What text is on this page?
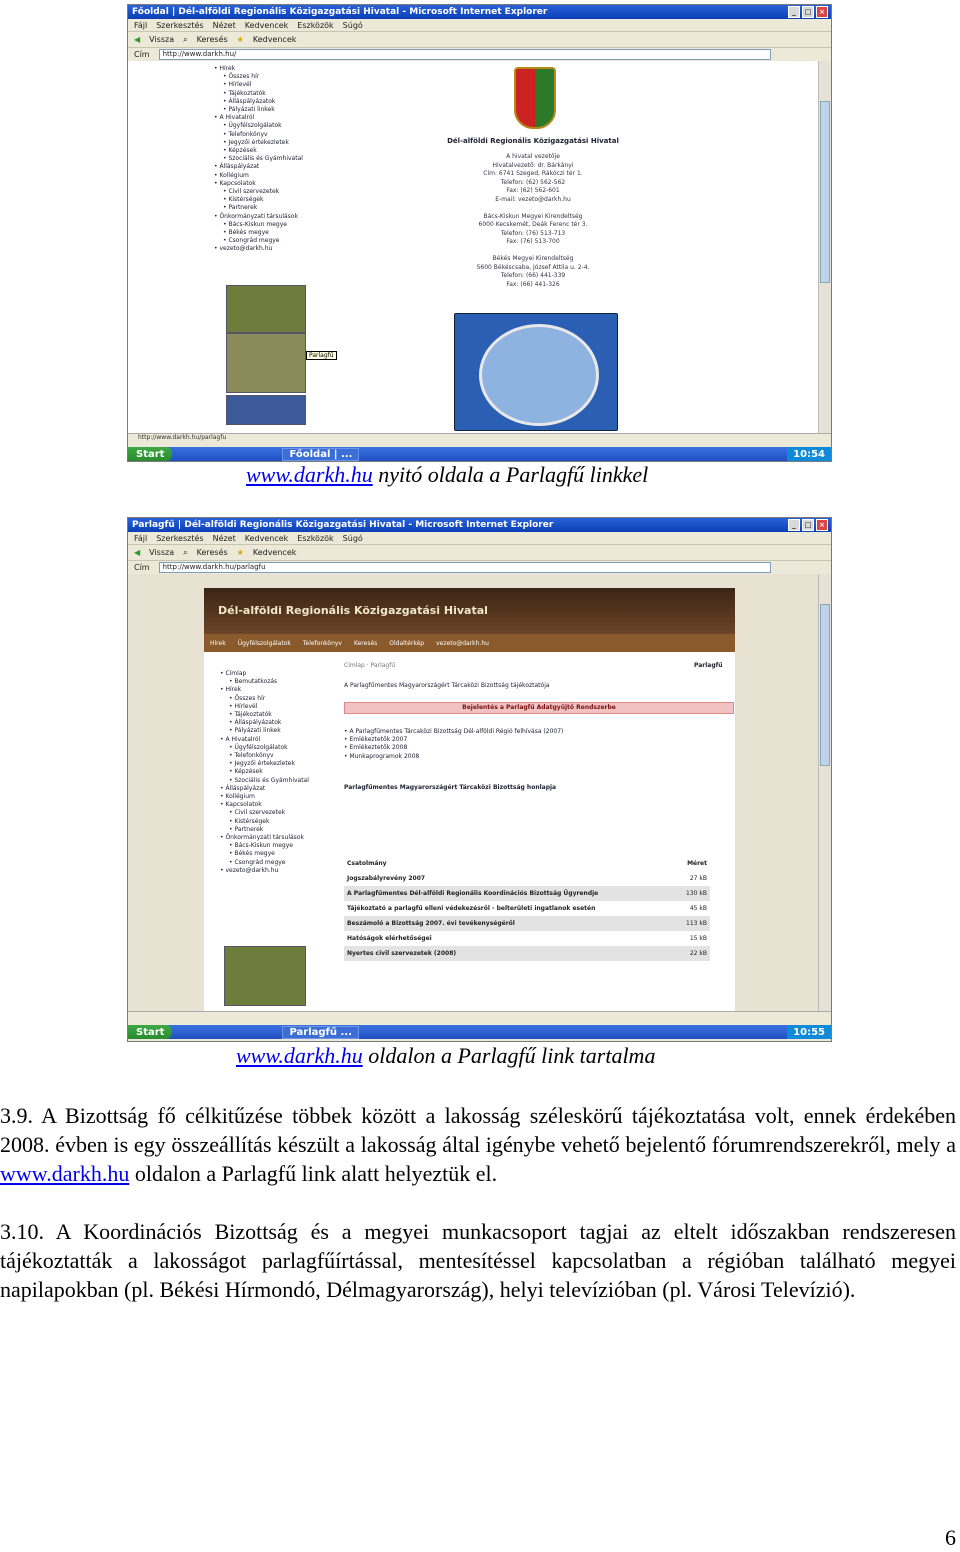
Főoldal | Dél-alföldi Regionális Közigazgatási Hivatal - Microsoft Internet Explorer	_	□	×
Fájl Szerkesztés Nézet Kedvencek Eszközök Súgó
◀ Vissza ⌕ Keresés ★ Kedvencek
Cím	http://www.darkh.hu/
• Hírek
• Összes hír
• Hírlevél
• Tájékoztatók
• Álláspályázatok
• Pályázati linkek
• A Hivatalról
• Ügyfélszolgálatok
• Telefonkönyv
• Jegyzői értekezletek
• Képzések
• Szociális és Gyámhivatal
• Álláspályázat
• Kollégium
• Kapcsolatok
• Civil szervezetek
• Kistérségek
• Partnerek
• Önkormányzati társulások
• Bács-Kiskun megye
• Békés megye
• Csongrád megye
• vezeto@darkh.hu
Parlagfű
Dél-alföldi Regionális Közigazgatási Hivatal
A hivatal vezetője
Hivatalvezető: dr. Bárkányi
Cím: 6741 Szeged, Rákóczi tér 1.
Telefon: (62) 562-562
Fax: (62) 562-601
E-mail: vezeto@darkh.hu

Bács-Kiskun Megyei Kirendeltség
6000 Kecskemét, Deák Ferenc tér 3.
Telefon: (76) 513-713
Fax: (76) 513-700

Békés Megyei Kirendeltség
5600 Békéscsaba, József Attila u. 2-4.
Telefon: (66) 441-339
Fax: (66) 441-326
http://www.darkh.hu/parlagfu
Start	Főoldal | ...	10:54
www.darkh.hu nyitó oldala a Parlagfű linkkel
Parlagfű | Dél-alföldi Regionális Közigazgatási Hivatal - Microsoft Internet Explorer	_	□	×
Fájl Szerkesztés Nézet Kedvencek Eszközök Súgó
◀ Vissza ⌕ Keresés ★ Kedvencek
Cím	http://www.darkh.hu/parlagfu
Dél-alföldi Regionális Közigazgatási Hivatal
Hírek Ügyfélszolgálatok Telefonkönyv Keresés Oldaltérkép vezeto@darkh.hu
• Címlap
• Bemutatkozás
• Hírek
• Összes hír
• Hírlevél
• Tájékoztatók
• Álláspályázatok
• Pályázati linkek
• A Hivatalról
• Ügyfélszolgálatok
• Telefonkönyv
• Jegyzői értekezletek
• Képzések
• Szociális és Gyámhivatal
• Álláspályázat
• Kollégium
• Kapcsolatok
• Civil szervezetek
• Kistérségek
• Partnerek
• Önkormányzati társulások
• Bács-Kiskun megye
• Békés megye
• Csongrád megye
• vezeto@darkh.hu
Címlap · Parlagfű	Parlagfű
A Parlagfűmentes Magyarországért Tárcaközi Bizottság tájékoztatója
Bejelentés a Parlagfű Adatgyűjtő Rendszerbe
• A Parlagfűmentes Tárcaközi Bizottság Dél-alföldi Régió felhívása (2007)
• Emlékeztetők 2007
• Emlékeztetők 2008
• Munkaprogramok 2008
Parlagfűmentes Magyarországért Tárcaközi Bizottság honlapja
Csatolmány	Méret
Jogszabályrevény 2007	27 kB
A Parlagfűmentes Dél-alföldi Regionális Koordinációs Bizottság Ügyrendje	130 kB
Tájékoztató a parlagfű elleni védekezésről - belterületi ingatlanok esetén	45 kB
Beszámoló a Bizottság 2007. évi tevékenységéről	113 kB
Hatóságok elérhetőségei	15 kB
Nyertes civil szervezetek (2008)	22 kB
Start	Parlagfű ...	10:55
www.darkh.hu oldalon a Parlagfű link tartalma

3.9. A Bizottság fő célkitűzése többek között a lakosság széleskörű tájékoztatása volt, ennek érdekében 2008. évben is egy összeállítás készült a lakosság által igénybe vehető bejelentő fórumrendszerekről, mely a www.darkh.hu oldalon a Parlagfű link alatt helyeztük el.

3.10. A Koordinációs Bizottság és a megyei munkacsoport tagjai az eltelt időszakban rendszeresen tájékoztatták a lakosságot parlagfűírtással, mentesítéssel kapcsolatban a régióban található megyei napilapokban (pl. Békési Hírmondó, Délmagyarország), helyi televízióban (pl. Városi Televízió).

6
